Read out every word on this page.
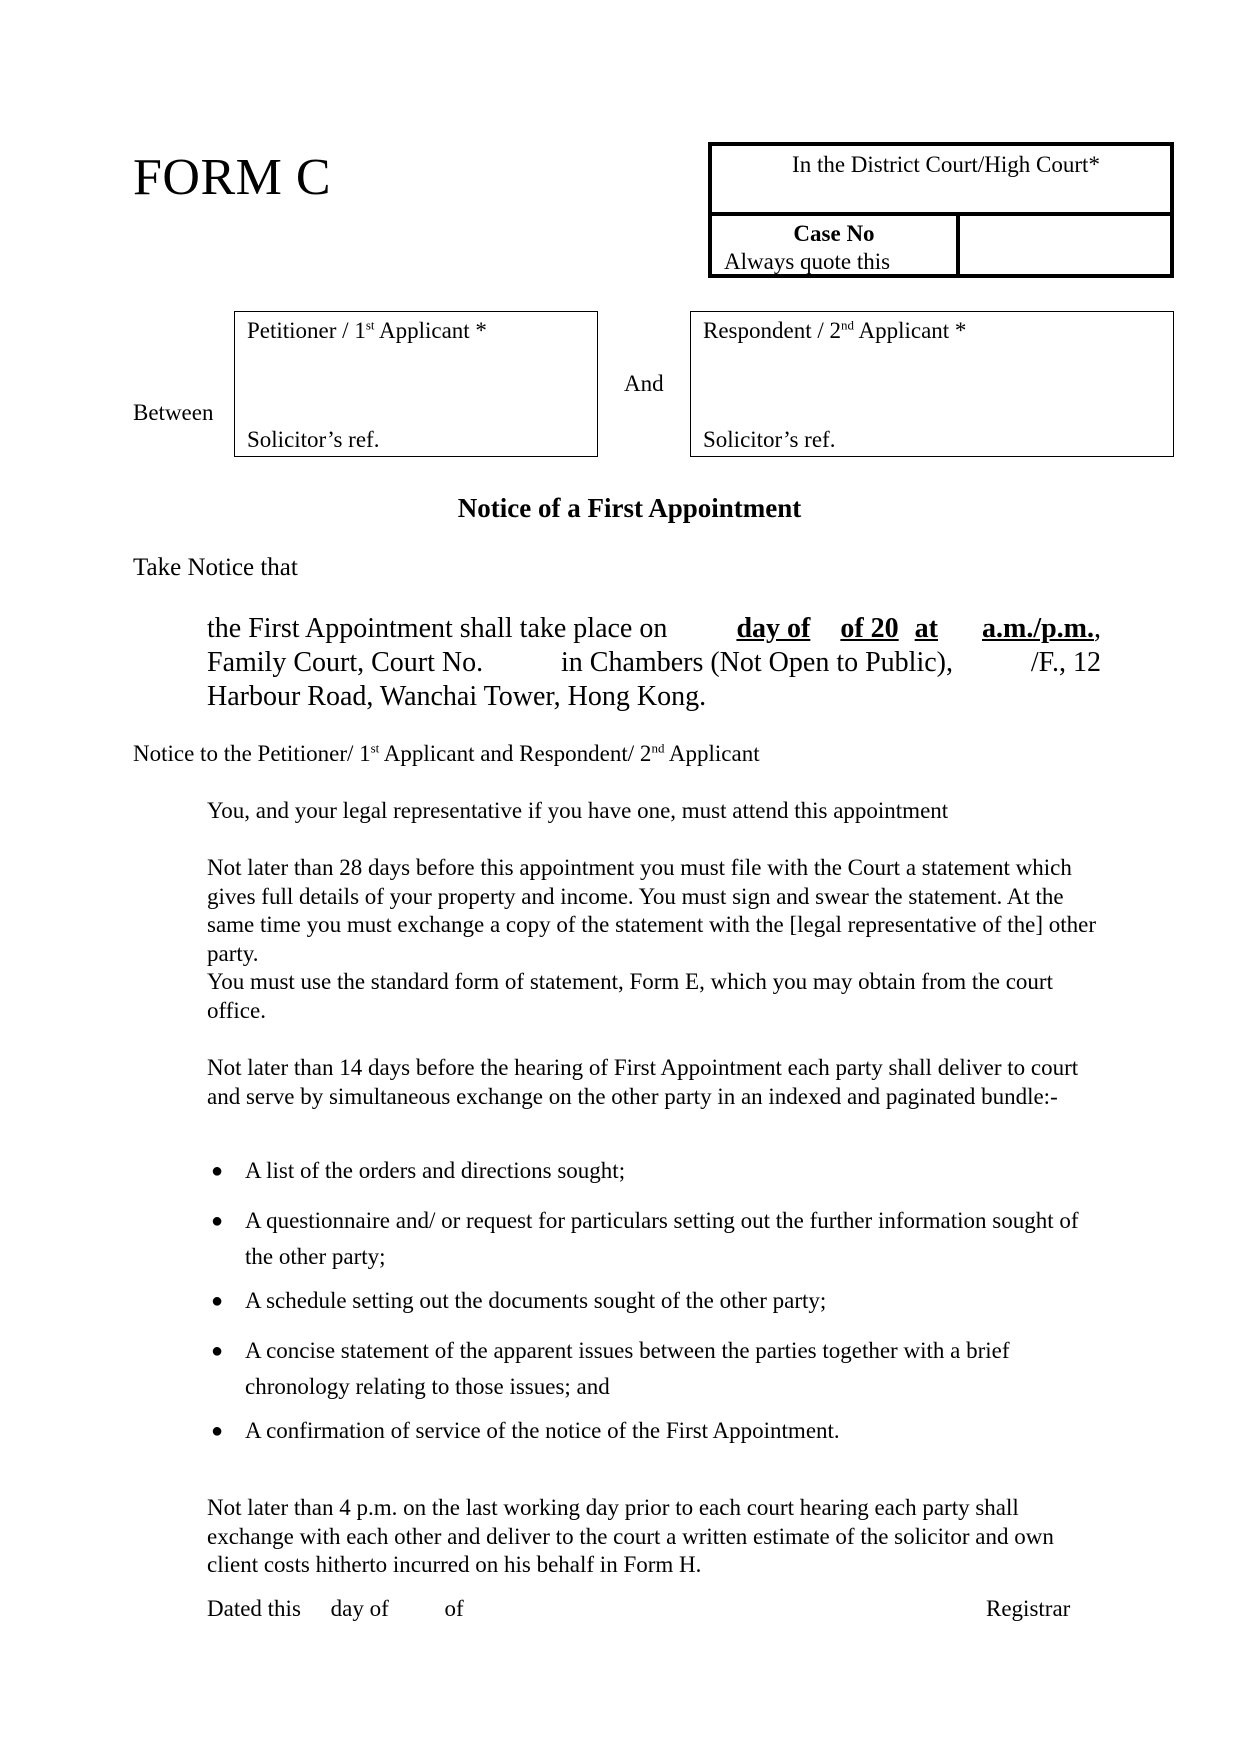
FORM C	In the District Court/High Court*
Case No
Always quote this
Between
Petitioner / 1st Applicant *
Solicitor’s ref.
And
Respondent / 2nd Applicant *
Solicitor’s ref.
Notice of a First Appointment
Take Notice that
the First Appointment shall take place on	day of of 20 at a.m./p.m.,
Family Court, Court No.	in Chambers (Not Open to Public),	/F., 12
Harbour Road, Wanchai Tower, Hong Kong.
Notice to the Petitioner/ 1st Applicant and Respondent/ 2nd Applicant
You, and your legal representative if you have one, must attend this appointment
Not later than 28 days before this appointment you must file with the Court a statement which gives full details of your property and income. You must sign and swear the statement. At the same time you must exchange a copy of the statement with the [legal representative of the] other party.
You must use the standard form of statement, Form E, which you may obtain from the court office.
Not later than 14 days before the hearing of First Appointment each party shall deliver to court and serve by simultaneous exchange on the other party in an indexed and paginated bundle:-
● A list of the orders and directions sought;
● A questionnaire and/ or request for particulars setting out the further information sought of the other party;
● A schedule setting out the documents sought of the other party;
● A concise statement of the apparent issues between the parties together with a brief chronology relating to those issues; and
● A confirmation of service of the notice of the First Appointment.
Not later than 4 p.m. on the last working day prior to each court hearing each party shall exchange with each other and deliver to the court a written estimate of the solicitor and own client costs hitherto incurred on his behalf in Form H.
Dated this day of of	Registrar
